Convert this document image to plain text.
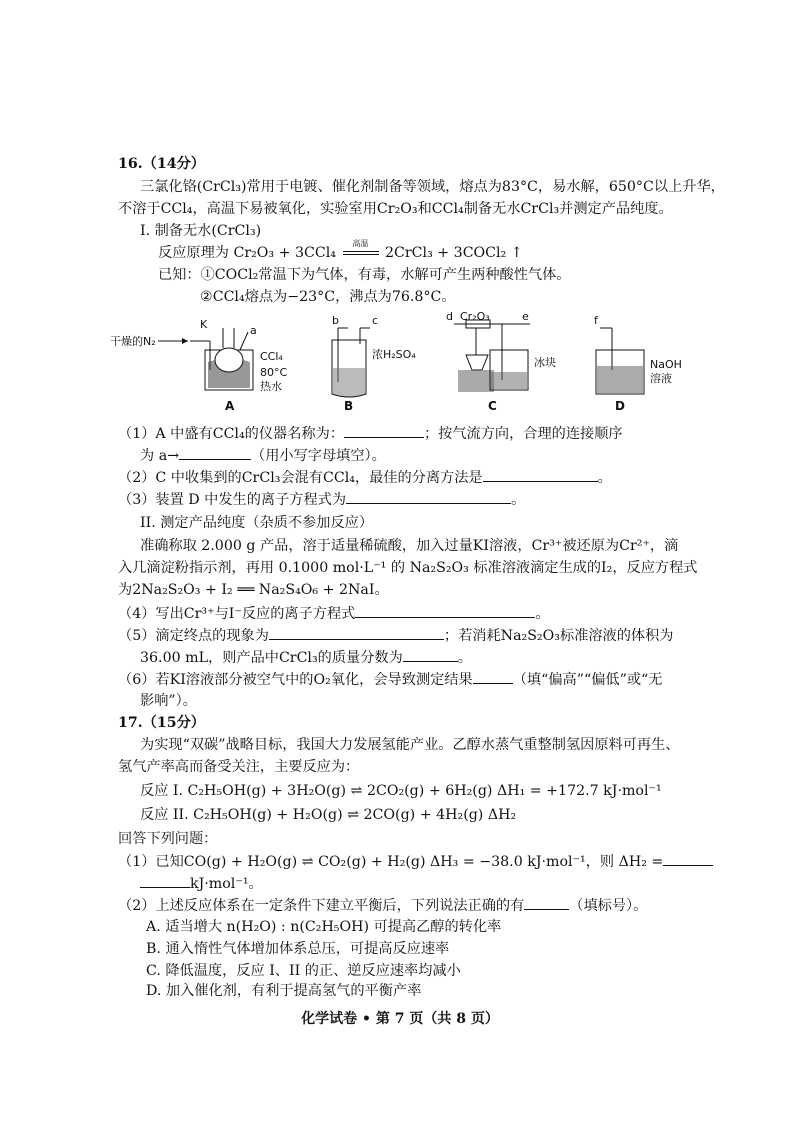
16.（14分）
三氯化铬(CrCl₃)常用于电镀、催化剂制备等领域，熔点为83°C，易水解，650°C以上升华，
不溶于CCl₄，高温下易被氧化，实验室用Cr₂O₃和CCl₄制备无水CrCl₃并测定产品纯度。
I. 制备无水(CrCl₃)
反应原理为 Cr₂O₃ + 3CCl₄
高温
2CrCl₃ + 3COCl₂ ↑
已知：①COCl₂常温下为气体，有毒，水解可产生两种酸性气体。
②CCl₄熔点为−23°C，沸点为76.8°C。
干燥的N₂
K	a
CCl₄
80°C
热水
A
b	c
浓H₂SO₄
B
d Cr₂O₃	e
冰块
C
f
NaOH
溶液
D
（1）A 中盛有CCl₄的仪器名称为：	；按气流方向，合理的连接顺序
为 a→	（用小写字母填空）。
（2）C 中收集到的CrCl₃会混有CCl₄，最佳的分离方法是	。
（3）装置 D 中发生的离子方程式为	。
II. 测定产品纯度（杂质不参加反应）
准确称取 2.000 g 产品，溶于适量稀硫酸，加入过量KI溶液，Cr³⁺被还原为Cr²⁺，滴
入几滴淀粉指示剂，再用 0.1000 mol·L⁻¹ 的 Na₂S₂O₃ 标准溶液滴定生成的I₂，反应方程式
为2Na₂S₂O₃ + I₂ ══ Na₂S₄O₆ + 2NaI。
（4）写出Cr³⁺与I⁻反应的离子方程式	。
（5）滴定终点的现象为	；若消耗Na₂S₂O₃标准溶液的体积为
36.00 mL，则产品中CrCl₃的质量分数为	。
（6）若KI溶液部分被空气中的O₂氧化，会导致测定结果	（填“偏高”“偏低”或“无
影响”）。
17.（15分）
为实现“双碳”战略目标，我国大力发展氢能产业。乙醇水蒸气重整制氢因原料可再生、
氢气产率高而备受关注，主要反应为：
反应 I. C₂H₅OH(g) + 3H₂O(g) ⇌ 2CO₂(g) + 6H₂(g) ΔH₁ = +172.7 kJ·mol⁻¹
反应 II. C₂H₅OH(g) + H₂O(g) ⇌ 2CO(g) + 4H₂(g) ΔH₂
回答下列问题：
（1）已知CO(g) + H₂O(g) ⇌ CO₂(g) + H₂(g) ΔH₃ = −38.0 kJ·mol⁻¹，则 ΔH₂ =
kJ·mol⁻¹。
（2）上述反应体系在一定条件下建立平衡后，下列说法正确的有	（填标号）。
A. 适当增大 n(H₂O) : n(C₂H₅OH) 可提高乙醇的转化率
B. 通入惰性气体增加体系总压，可提高反应速率
C. 降低温度，反应 I、II 的正、逆反应速率均减小
D. 加入催化剂，有利于提高氢气的平衡产率
化学试卷 • 第 7 页（共 8 页）
